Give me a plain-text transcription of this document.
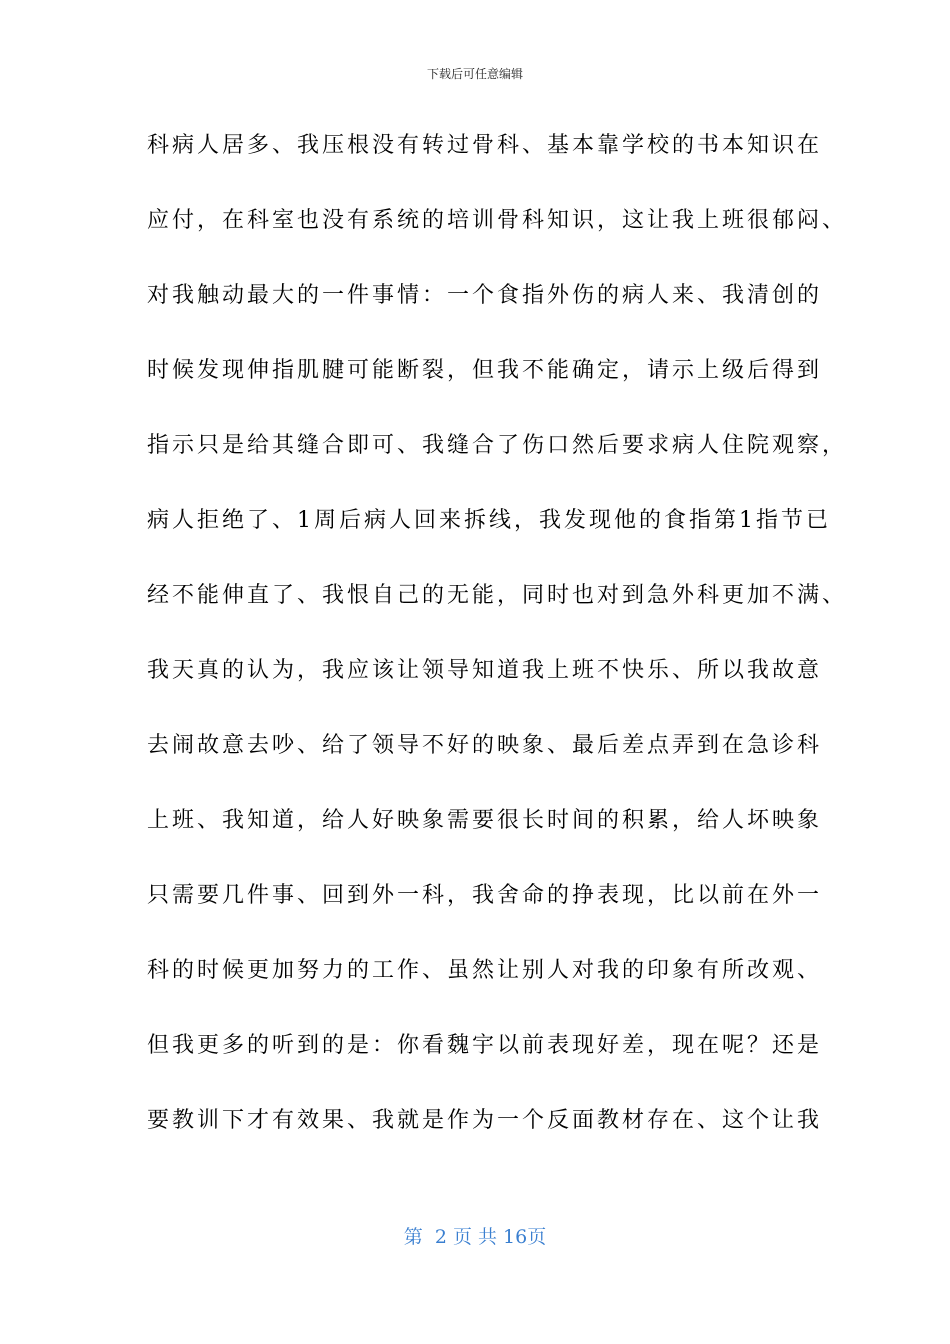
下载后可任意编辑
科病人居多、我压根没有转过骨科、基本靠学校的书本知识在
应付，在科室也没有系统的培训骨科知识，这让我上班很郁闷、
对我触动最大的一件事情：一个食指外伤的病人来、我清创的
时候发现伸指肌腱可能断裂，但我不能确定，请示上级后得到
指示只是给其缝合即可、我缝合了伤口然后要求病人住院观察，
病人拒绝了、1周后病人回来拆线，我发现他的食指第1指节已
经不能伸直了、我恨自己的无能，同时也对到急外科更加不满、
我天真的认为，我应该让领导知道我上班不快乐、所以我故意
去闹故意去吵、给了领导不好的映象、最后差点弄到在急诊科
上班、我知道，给人好映象需要很长时间的积累，给人坏映象
只需要几件事、回到外一科，我舍命的挣表现，比以前在外一
科的时候更加努力的工作、虽然让别人对我的印象有所改观、
但我更多的听到的是：你看魏宇以前表现好差，现在呢？还是
要教训下才有效果、我就是作为一个反面教材存在、这个让我
第  2 页 共 16页
